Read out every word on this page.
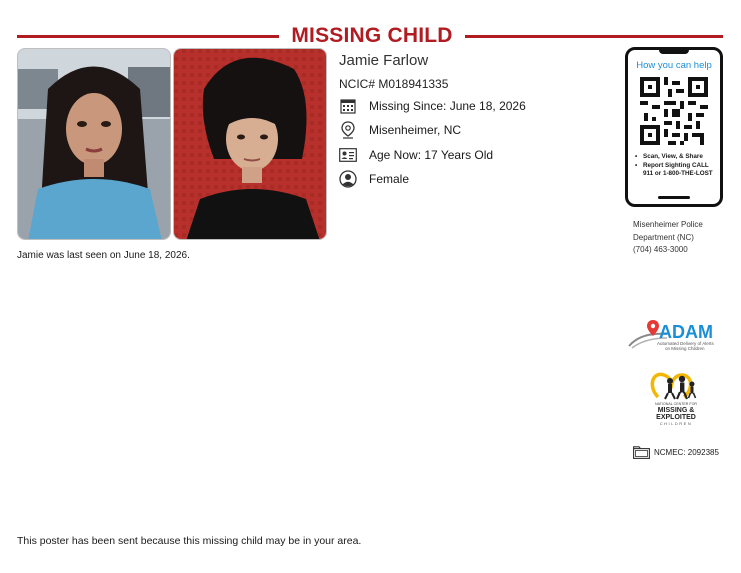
MISSING CHILD
Jamie was last seen on June 18, 2026.
Jamie Farlow
NCIC# M018941335
Missing Since: June 18, 2026
Misenheimer, NC
Age Now: 17 Years Old
Female
How you can help
• Scan, View, & Share
• Report Sighting CALL 911 or 1-800-THE-LOST
Misenheimer Police
Department (NC)
(704) 463-3000
ADAM
Automated Delivery of Alerts
on Missing Children
NATIONAL CENTER FOR
MISSING &
EXPLOITED
CHILDREN
NCMEC: 2092385
This poster has been sent because this missing child may be in your area.
